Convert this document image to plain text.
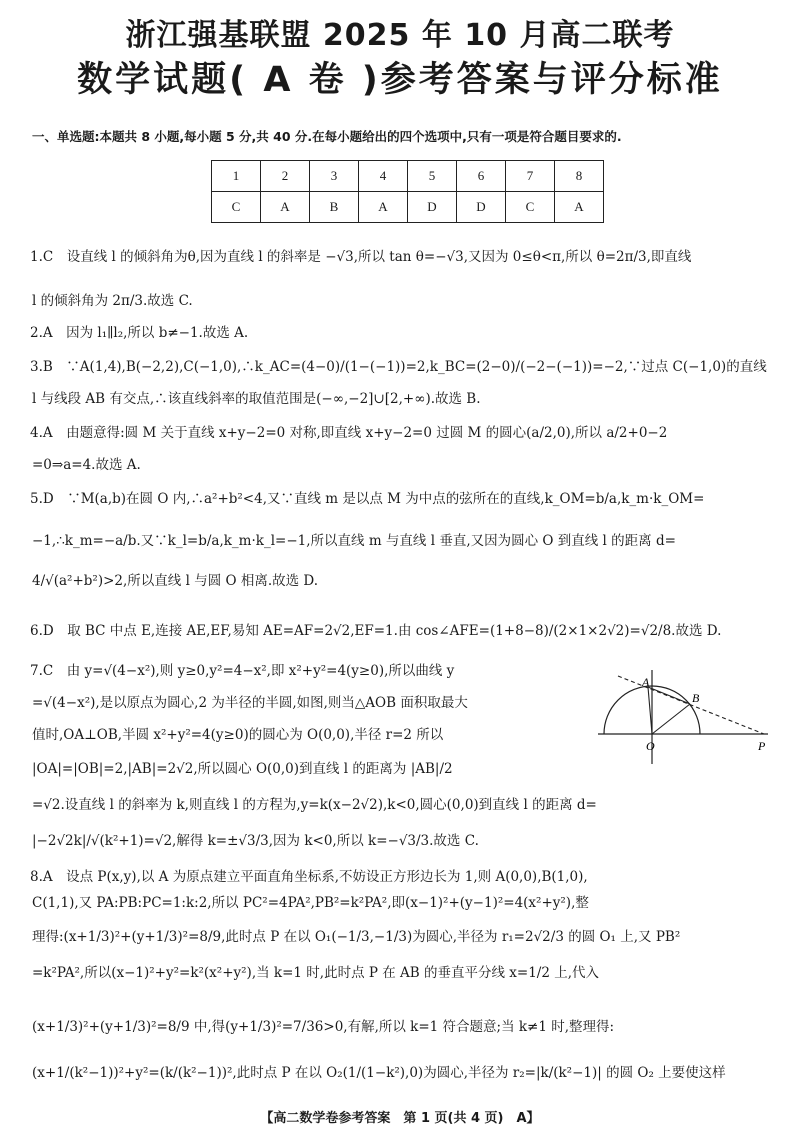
浙江强基联盟 2025 年 10 月高二联考
数学试题( A 卷 )参考答案与评分标准
一、单选题:本题共 8 小题,每小题 5 分,共 40 分.在每小题给出的四个选项中,只有一项是符合题目要求的.
1	2	3	4	5	6	7	8
C	A	B	A	D	D	C	A
1.C　设直线 l 的倾斜角为θ,因为直线 l 的斜率是 −√3,所以 tan θ=−√3,又因为 0≤θ<π,所以 θ=2π/3,即直线
l 的倾斜角为 2π/3.故选 C.
2.A　因为 l₁∥l₂,所以 b≠−1.故选 A.
3.B　∵A(1,4),B(−2,2),C(−1,0),∴k_AC=(4−0)/(1−(−1))=2,k_BC=(2−0)/(−2−(−1))=−2,∵过点 C(−1,0)的直线
l 与线段 AB 有交点,∴该直线斜率的取值范围是(−∞,−2]∪[2,+∞).故选 B.
4.A　由题意得:圆 M 关于直线 x+y−2=0 对称,即直线 x+y−2=0 过圆 M 的圆心(a/2,0),所以 a/2+0−2
=0⇒a=4.故选 A.
5.D　∵M(a,b)在圆 O 内,∴a²+b²<4,又∵直线 m 是以点 M 为中点的弦所在的直线,k_OM=b/a,k_m·k_OM=
−1,∴k_m=−a/b.又∵k_l=b/a,k_m·k_l=−1,所以直线 m 与直线 l 垂直,又因为圆心 O 到直线 l 的距离 d=
4/√(a²+b²)>2,所以直线 l 与圆 O 相离.故选 D.
6.D　取 BC 中点 E,连接 AE,EF,易知 AE=AF=2√2,EF=1.由 cos∠AFE=(1+8−8)/(2×1×2√2)=√2/8.故选 D.
7.C　由 y=√(4−x²),则 y≥0,y²=4−x²,即 x²+y²=4(y≥0),所以曲线 y
=√(4−x²),是以原点为圆心,2 为半径的半圆,如图,则当△AOB 面积取最大
值时,OA⊥OB,半圆 x²+y²=4(y≥0)的圆心为 O(0,0),半径 r=2 所以
|OA|=|OB|=2,|AB|=2√2,所以圆心 O(0,0)到直线 l 的距离为 |AB|/2
=√2.设直线 l 的斜率为 k,则直线 l 的方程为,y=k(x−2√2),k<0,圆心(0,0)到直线 l 的距离 d=
|−2√2k|/√(k²+1)=√2,解得 k=±√3/3,因为 k<0,所以 k=−√3/3.故选 C.
8.A　设点 P(x,y),以 A 为原点建立平面直角坐标系,不妨设正方形边长为 1,则 A(0,0),B(1,0),
C(1,1),又 PA:PB:PC=1:k:2,所以 PC²=4PA²,PB²=k²PA²,即(x−1)²+(y−1)²=4(x²+y²),整
理得:(x+1/3)²+(y+1/3)²=8/9,此时点 P 在以 O₁(−1/3,−1/3)为圆心,半径为 r₁=2√2/3 的圆 O₁ 上,又 PB²
=k²PA²,所以(x−1)²+y²=k²(x²+y²),当 k=1 时,此时点 P 在 AB 的垂直平分线 x=1/2 上,代入
(x+1/3)²+(y+1/3)²=8/9 中,得(y+1/3)²=7/36>0,有解,所以 k=1 符合题意;当 k≠1 时,整理得:
(x+1/(k²−1))²+y²=(k/(k²−1))²,此时点 P 在以 O₂(1/(1−k²),0)为圆心,半径为 r₂=|k/(k²−1)| 的圆 O₂ 上要使这样
A
B
O	P
【高二数学卷参考答案　第 1 页(共 4 页)　A】
